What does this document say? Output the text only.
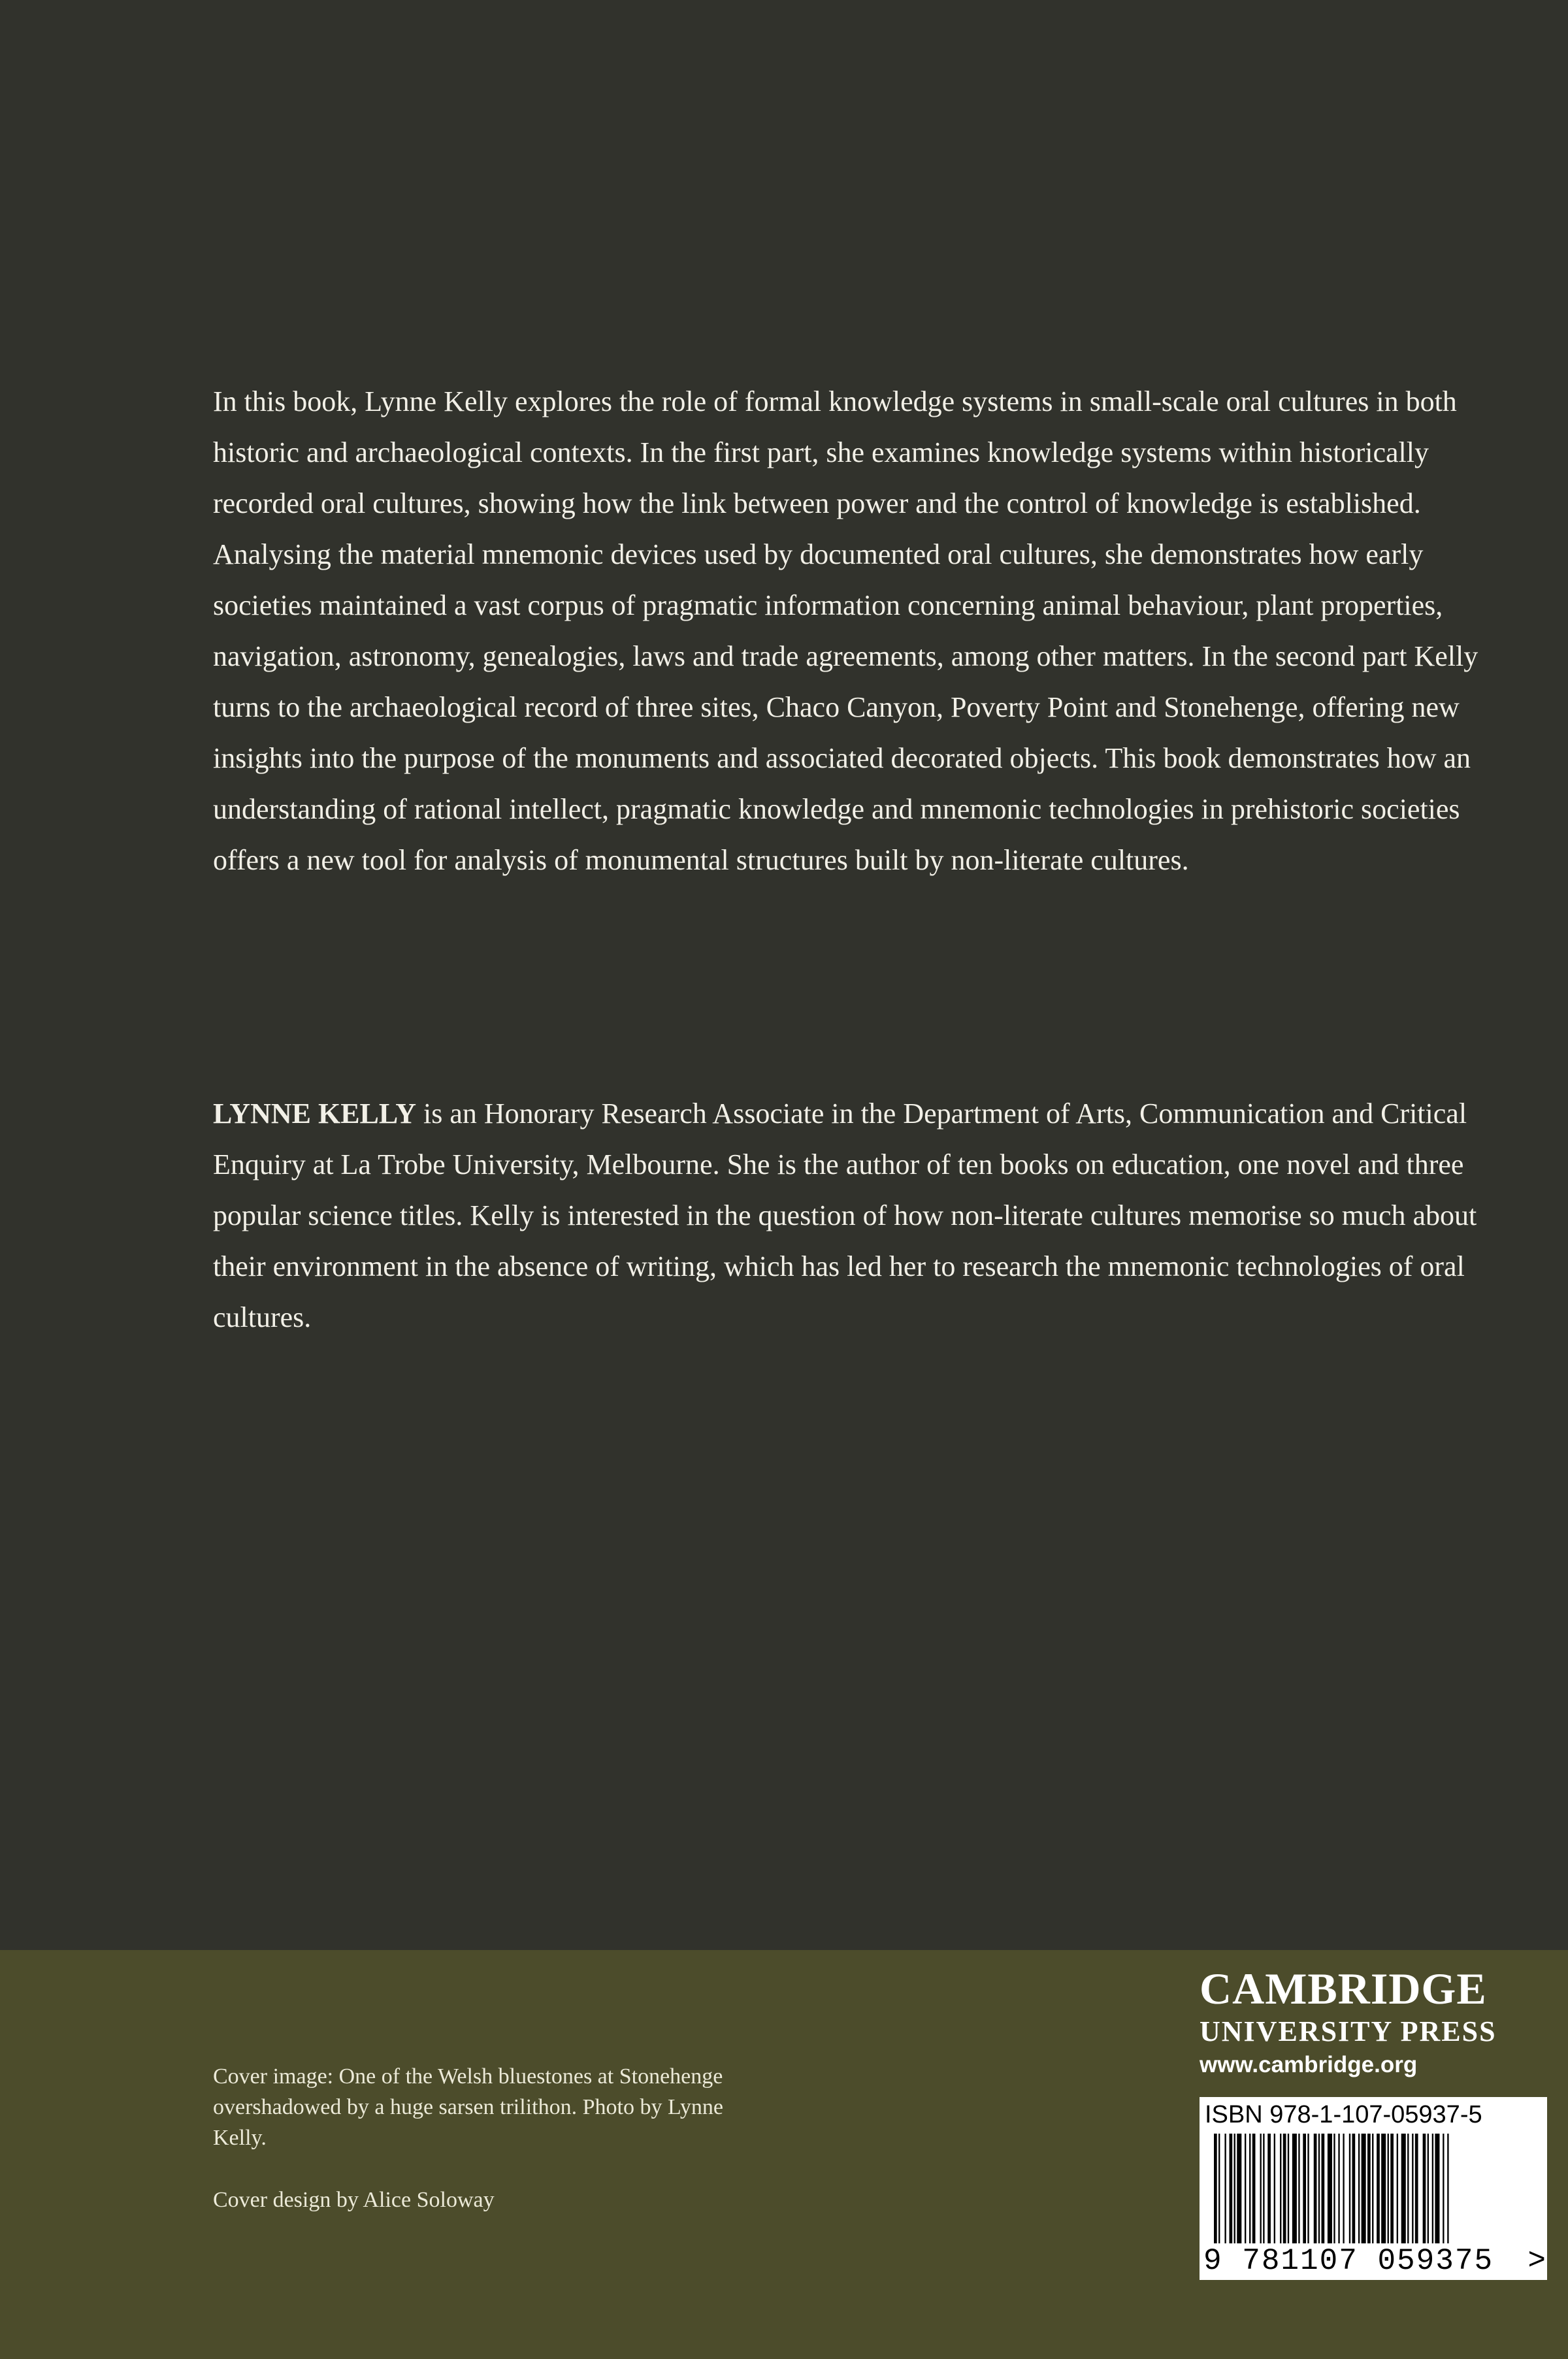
In this book, Lynne Kelly explores the role of formal knowledge systems in small-scale oral cultures in both historic and archaeological contexts. In the first part, she examines knowledge systems within historically recorded oral cultures, showing how the link between power and the control of knowledge is established. Analysing the material mnemonic devices used by documented oral cultures, she demonstrates how early societies maintained a vast corpus of pragmatic information concerning animal behaviour, plant properties, navigation, astronomy, genealogies, laws and trade agreements, among other matters. In the second part Kelly turns to the archaeological record of three sites, Chaco Canyon, Poverty Point and Stonehenge, offering new insights into the purpose of the monuments and associated decorated objects. This book demonstrates how an understanding of rational intellect, pragmatic knowledge and mnemonic technologies in prehistoric societies offers a new tool for analysis of monumental structures built by non-literate cultures.

LYNNE KELLY is an Honorary Research Associate in the Department of Arts, Communication and Critical Enquiry at La Trobe University, Melbourne. She is the author of ten books on education, one novel and three popular science titles. Kelly is interested in the question of how non-literate cultures memorise so much about their environment in the absence of writing, which has led her to research the mnemonic technologies of oral cultures.

Cover image: One of the Welsh bluestones at Stonehenge overshadowed by a huge sarsen trilithon. Photo by Lynne Kelly.

Cover design by Alice Soloway

CAMBRIDGE
UNIVERSITY PRESS
www.cambridge.org
ISBN 978-1-107-05937-5
9 781107 059375	>
